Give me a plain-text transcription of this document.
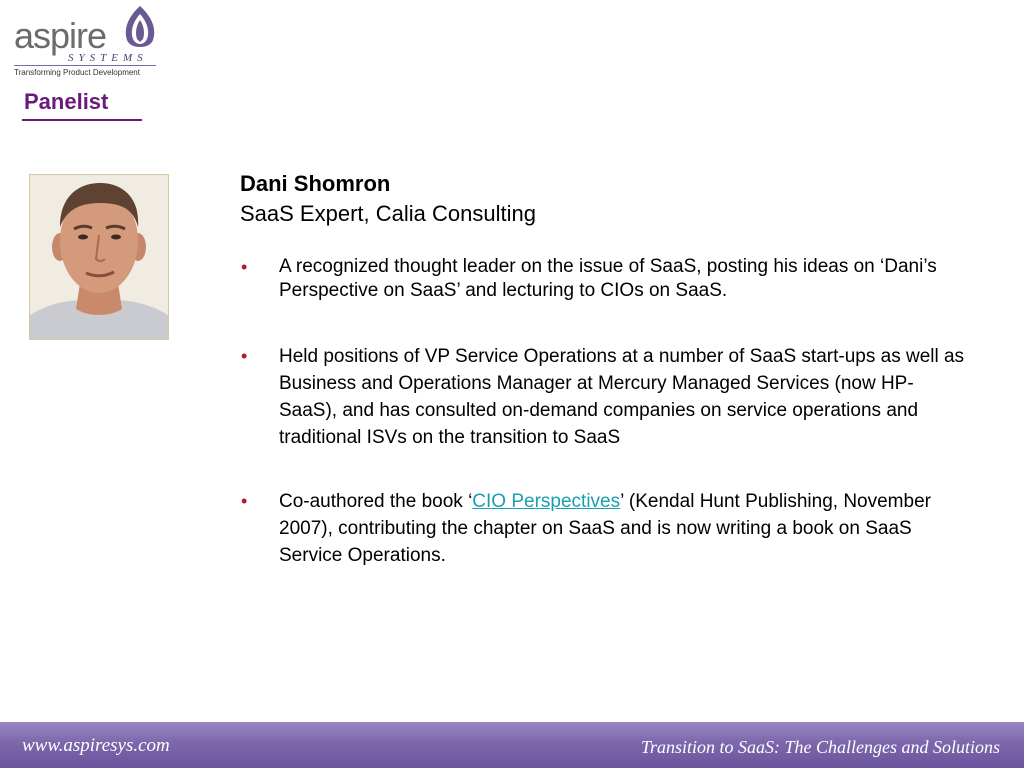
aspire
SYSTEMS
Transforming Product Development
Panelist
Dani Shomron
SaaS Expert, Calia Consulting
• A recognized thought leader on the issue of SaaS, posting his ideas on ‘Dani’s Perspective on SaaS’ and lecturing to CIOs on SaaS.
• Held positions of VP Service Operations at a number of SaaS start-ups as well as Business and Operations Manager at Mercury Managed Services (now HP-SaaS), and has consulted on-demand companies on service operations and traditional ISVs on the transition to SaaS
• Co-authored the book ‘CIO Perspectives’ (Kendal Hunt Publishing, November 2007), contributing the chapter on SaaS and is now writing a book on SaaS Service Operations.
www.aspiresys.com	Transition to SaaS: The Challenges and Solutions
